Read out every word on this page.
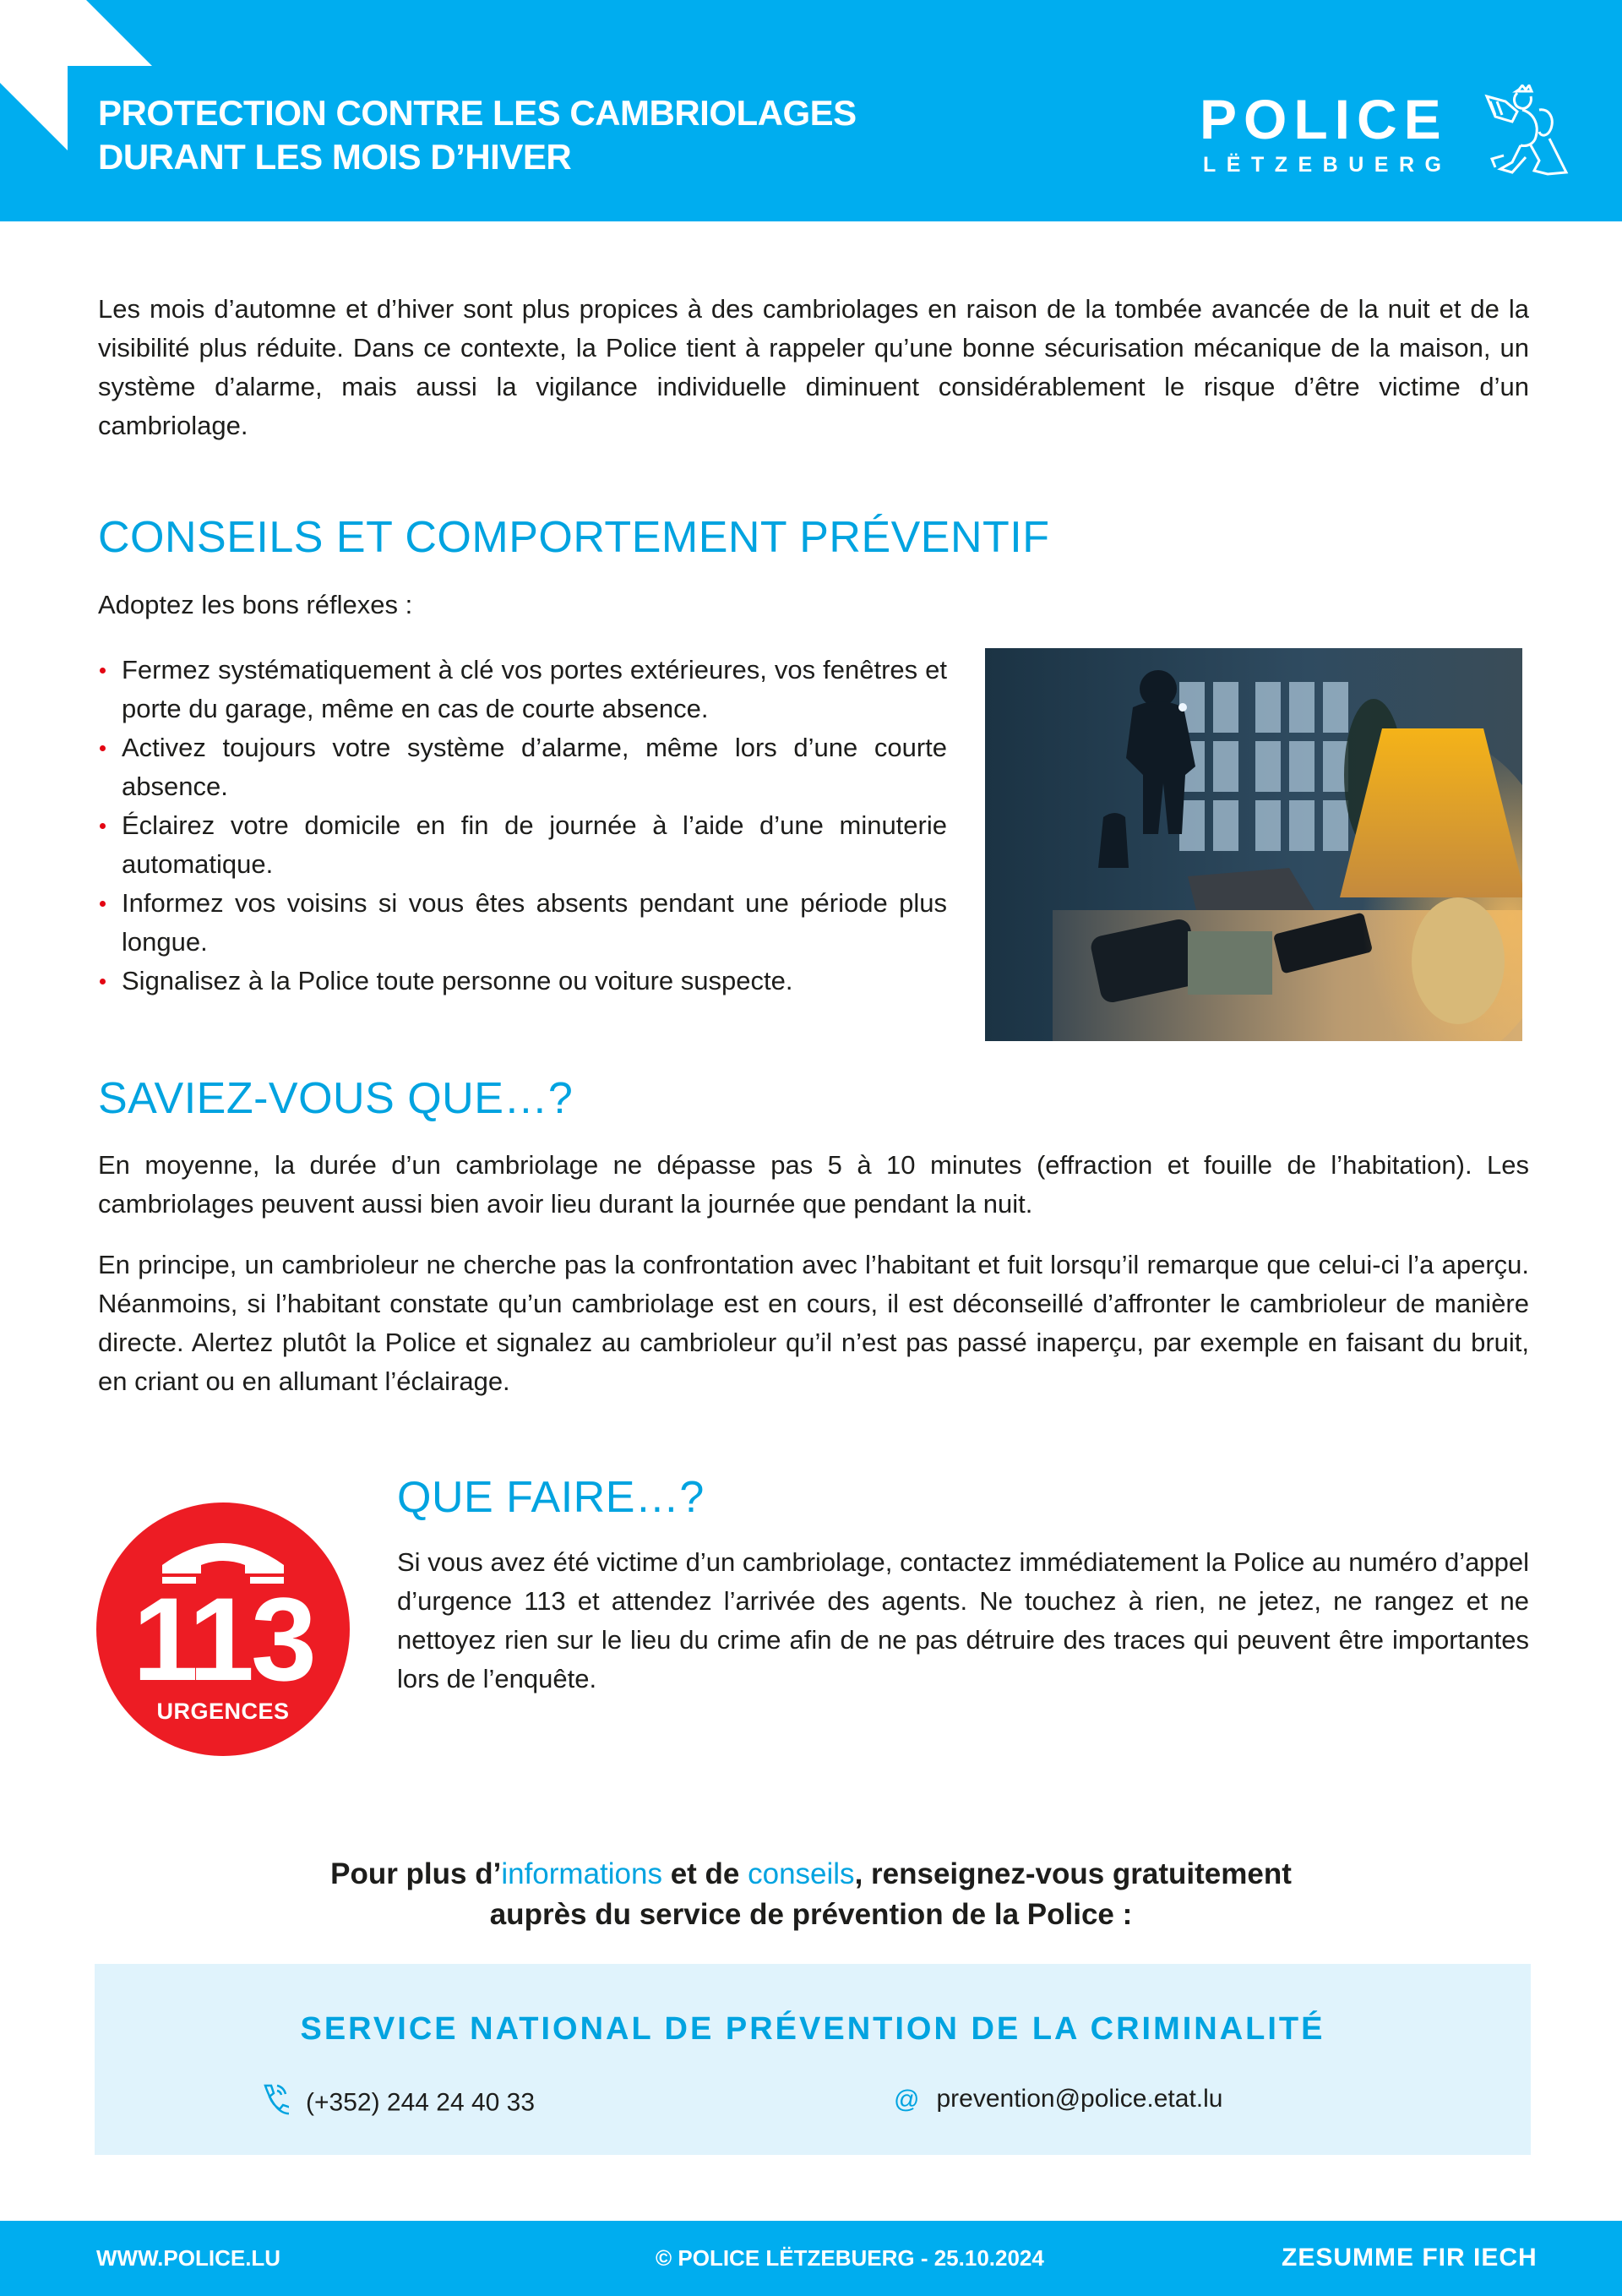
PROTECTION CONTRE LES CAMBRIOLAGES
DURANT LES MOIS D’HIVER
POLICE
LËTZEBUERG

Les mois d’automne et d’hiver sont plus propices à des cambriolages en raison de la tombée avancée de la nuit et de la visibilité plus réduite. Dans ce contexte, la Police tient à rappeler qu’une bonne sécurisation mécanique de la maison, un système d’alarme, mais aussi la vigilance individuelle diminuent considérablement le risque d’être victime d’un cambriolage.

CONSEILS ET COMPORTEMENT PRÉVENTIF
Adoptez les bons réflexes :
Fermez systématiquement à clé vos portes extérieures, vos fenêtres et porte du garage, même en cas de courte absence.
Activez toujours votre système d’alarme, même lors d’une courte absence.
Éclairez votre domicile en fin de journée à l’aide d’une minuterie automatique.
Informez vos voisins si vous êtes absents pendant une période plus longue.
Signalisez à la Police toute personne ou voiture suspecte.
SAVIEZ-VOUS QUE…?

En moyenne, la durée d’un cambriolage ne dépasse pas 5 à 10 minutes (effraction et fouille de l’habitation). Les cambriolages peuvent aussi bien avoir lieu durant la journée que pendant la nuit.

En principe, un cambrioleur ne cherche pas la confrontation avec l’habitant et fuit lorsqu’il remarque que celui-ci l’a aperçu. Néanmoins, si l’habitant constate qu’un cambriolage est en cours, il est déconseillé d’affronter le cambrioleur de manière directe. Alertez plutôt la Police et signalez au cambrioleur qu’il n’est pas passé inaperçu, par exemple en faisant du bruit, en criant ou en allumant l’éclairage.

113
URGENCES
QUE FAIRE…?

Si vous avez été victime d’un cambriolage, contactez immédiatement la Police au numéro d’appel d’urgence 113 et attendez l’arrivée des agents. Ne touchez à rien, ne jetez, ne rangez et ne nettoyez rien sur le lieu du crime afin de ne pas détruire des traces qui peuvent être importantes lors de l’enquête.

Pour plus d’informations et de conseils, renseignez-vous gratuitement
auprès du service de prévention de la Police :
SERVICE NATIONAL DE PRÉVENTION DE LA CRIMINALITÉ
(+352) 244 24 40 33	@ prevention@police.etat.lu
WWW.POLICE.LU	© POLICE LËTZEBUERG - 25.10.2024	ZESUMME FIR IECH
